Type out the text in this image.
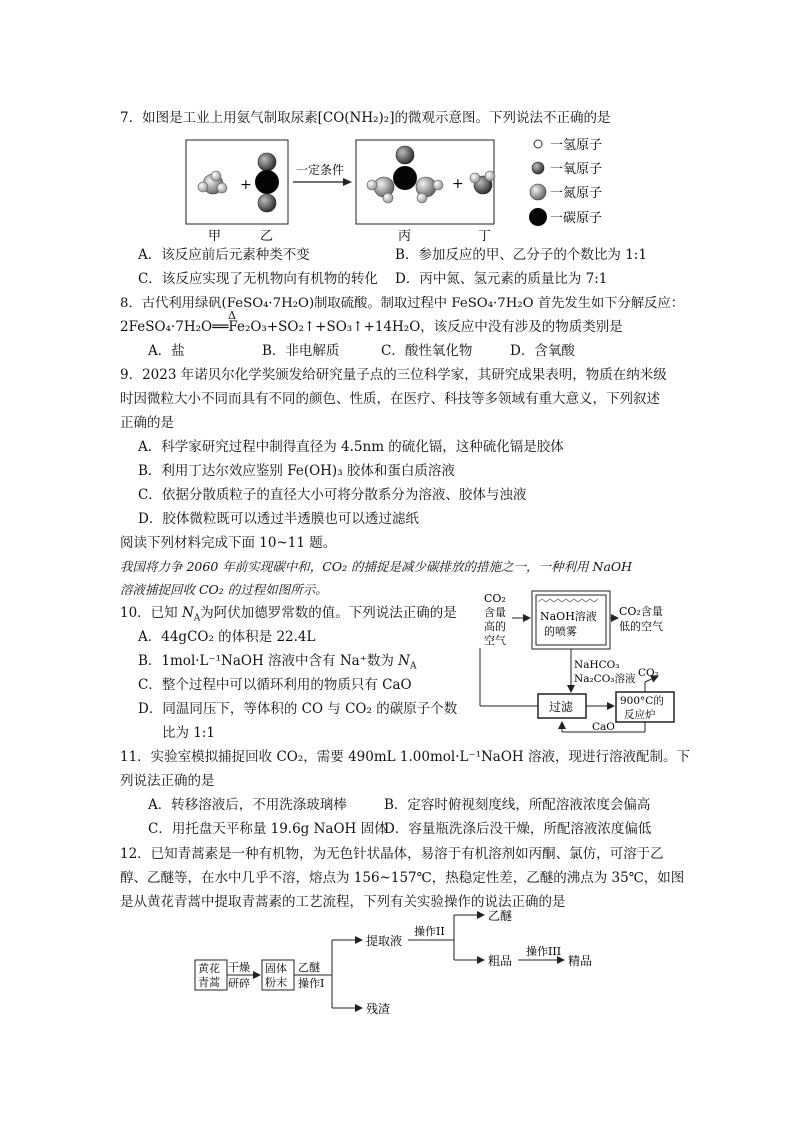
7．如图是工业上用氨气制取尿素[CO(NH₂)₂]的微观示意图。下列说法不正确的是
+
一定条件
+
甲	乙	丙	丁
一氢原子
一氧原子
一氮原子
一碳原子
A．该反应前后元素种类不变	B．参加反应的甲、乙分子的个数比为 1:1
C．该反应实现了无机物向有机物的转化 D．丙中氮、氢元素的质量比为 7:1
8．古代利用绿矾(FeSO₄·7H₂O)制取硫酸。制取过程中 FeSO₄·7H₂O 首先发生如下分解反应：
Δ
2FeSO₄·7H₂O══Fe₂O₃+SO₂↑+SO₃↑+14H₂O，该反应中没有涉及的物质类别是
A．盐	B．非电解质	C．酸性氧化物	D．含氧酸
9．2023 年诺贝尔化学奖颁发给研究量子点的三位科学家，其研究成果表明，物质在纳米级
时因微粒大小不同而具有不同的颜色、性质，在医疗、科技等多领域有重大意义，下列叙述
正确的是
A．科学家研究过程中制得直径为 4.5nm 的硫化镉，这种硫化镉是胶体
B．利用丁达尔效应鉴别 Fe(OH)₃ 胶体和蛋白质溶液
C．依据分散质粒子的直径大小可将分散系分为溶液、胶体与浊液
D．胶体微粒既可以透过半透膜也可以透过滤纸
阅读下列材料完成下面 10~11 题。
我国将力争 2060 年前实现碳中和，CO₂ 的捕捉是减少碳排放的措施之一，一种利用 NaOH
溶液捕捉回收 CO₂ 的过程如图所示。
10．已知 $N_A$为阿伏加德罗常数的值。下列说法正确的是
A．44gCO₂ 的体积是 22.4L
B．1mol·L⁻¹NaOH 溶液中含有 Na⁺数为 $N_A$
C．整个过程中可以循环利用的物质只有 CaO
D．同温同压下，等体积的 CO 与 CO₂ 的碳原子个数
比为 1:1
CO₂ 含量 高的 空气
NaOH溶液
的喷雾
CO₂含量 低的空气
NaHCO₃
Na₂CO₃溶液
过滤	900°C的
反应炉
CO₂
CaO
11．实验室模拟捕捉回收 CO₂，需要 490mL 1.00mol·L⁻¹NaOH 溶液，现进行溶液配制。下
列说法正确的是
A．转移溶液后，不用洗涤玻璃棒	B．定容时俯视刻度线，所配溶液浓度会偏高
C．用托盘天平称量 19.6g NaOH 固体
D．容量瓶洗涤后没干燥，所配溶液浓度偏低
12．已知青蒿素是一种有机物，为无色针状晶体，易溶于有机溶剂如丙酮、氯仿，可溶于乙
醇、乙醚等，在水中几乎不溶，熔点为 156~157℃，热稳定性差，乙醚的沸点为 35℃，如图
是从黄花青蒿中提取青蒿素的工艺流程，下列有关实验操作的说法正确的是
黄花
青蒿
干燥
研碎
固体
粉末
乙醚
操作I
提取液
操作II
乙醚
粗品
操作III
精品
残渣
